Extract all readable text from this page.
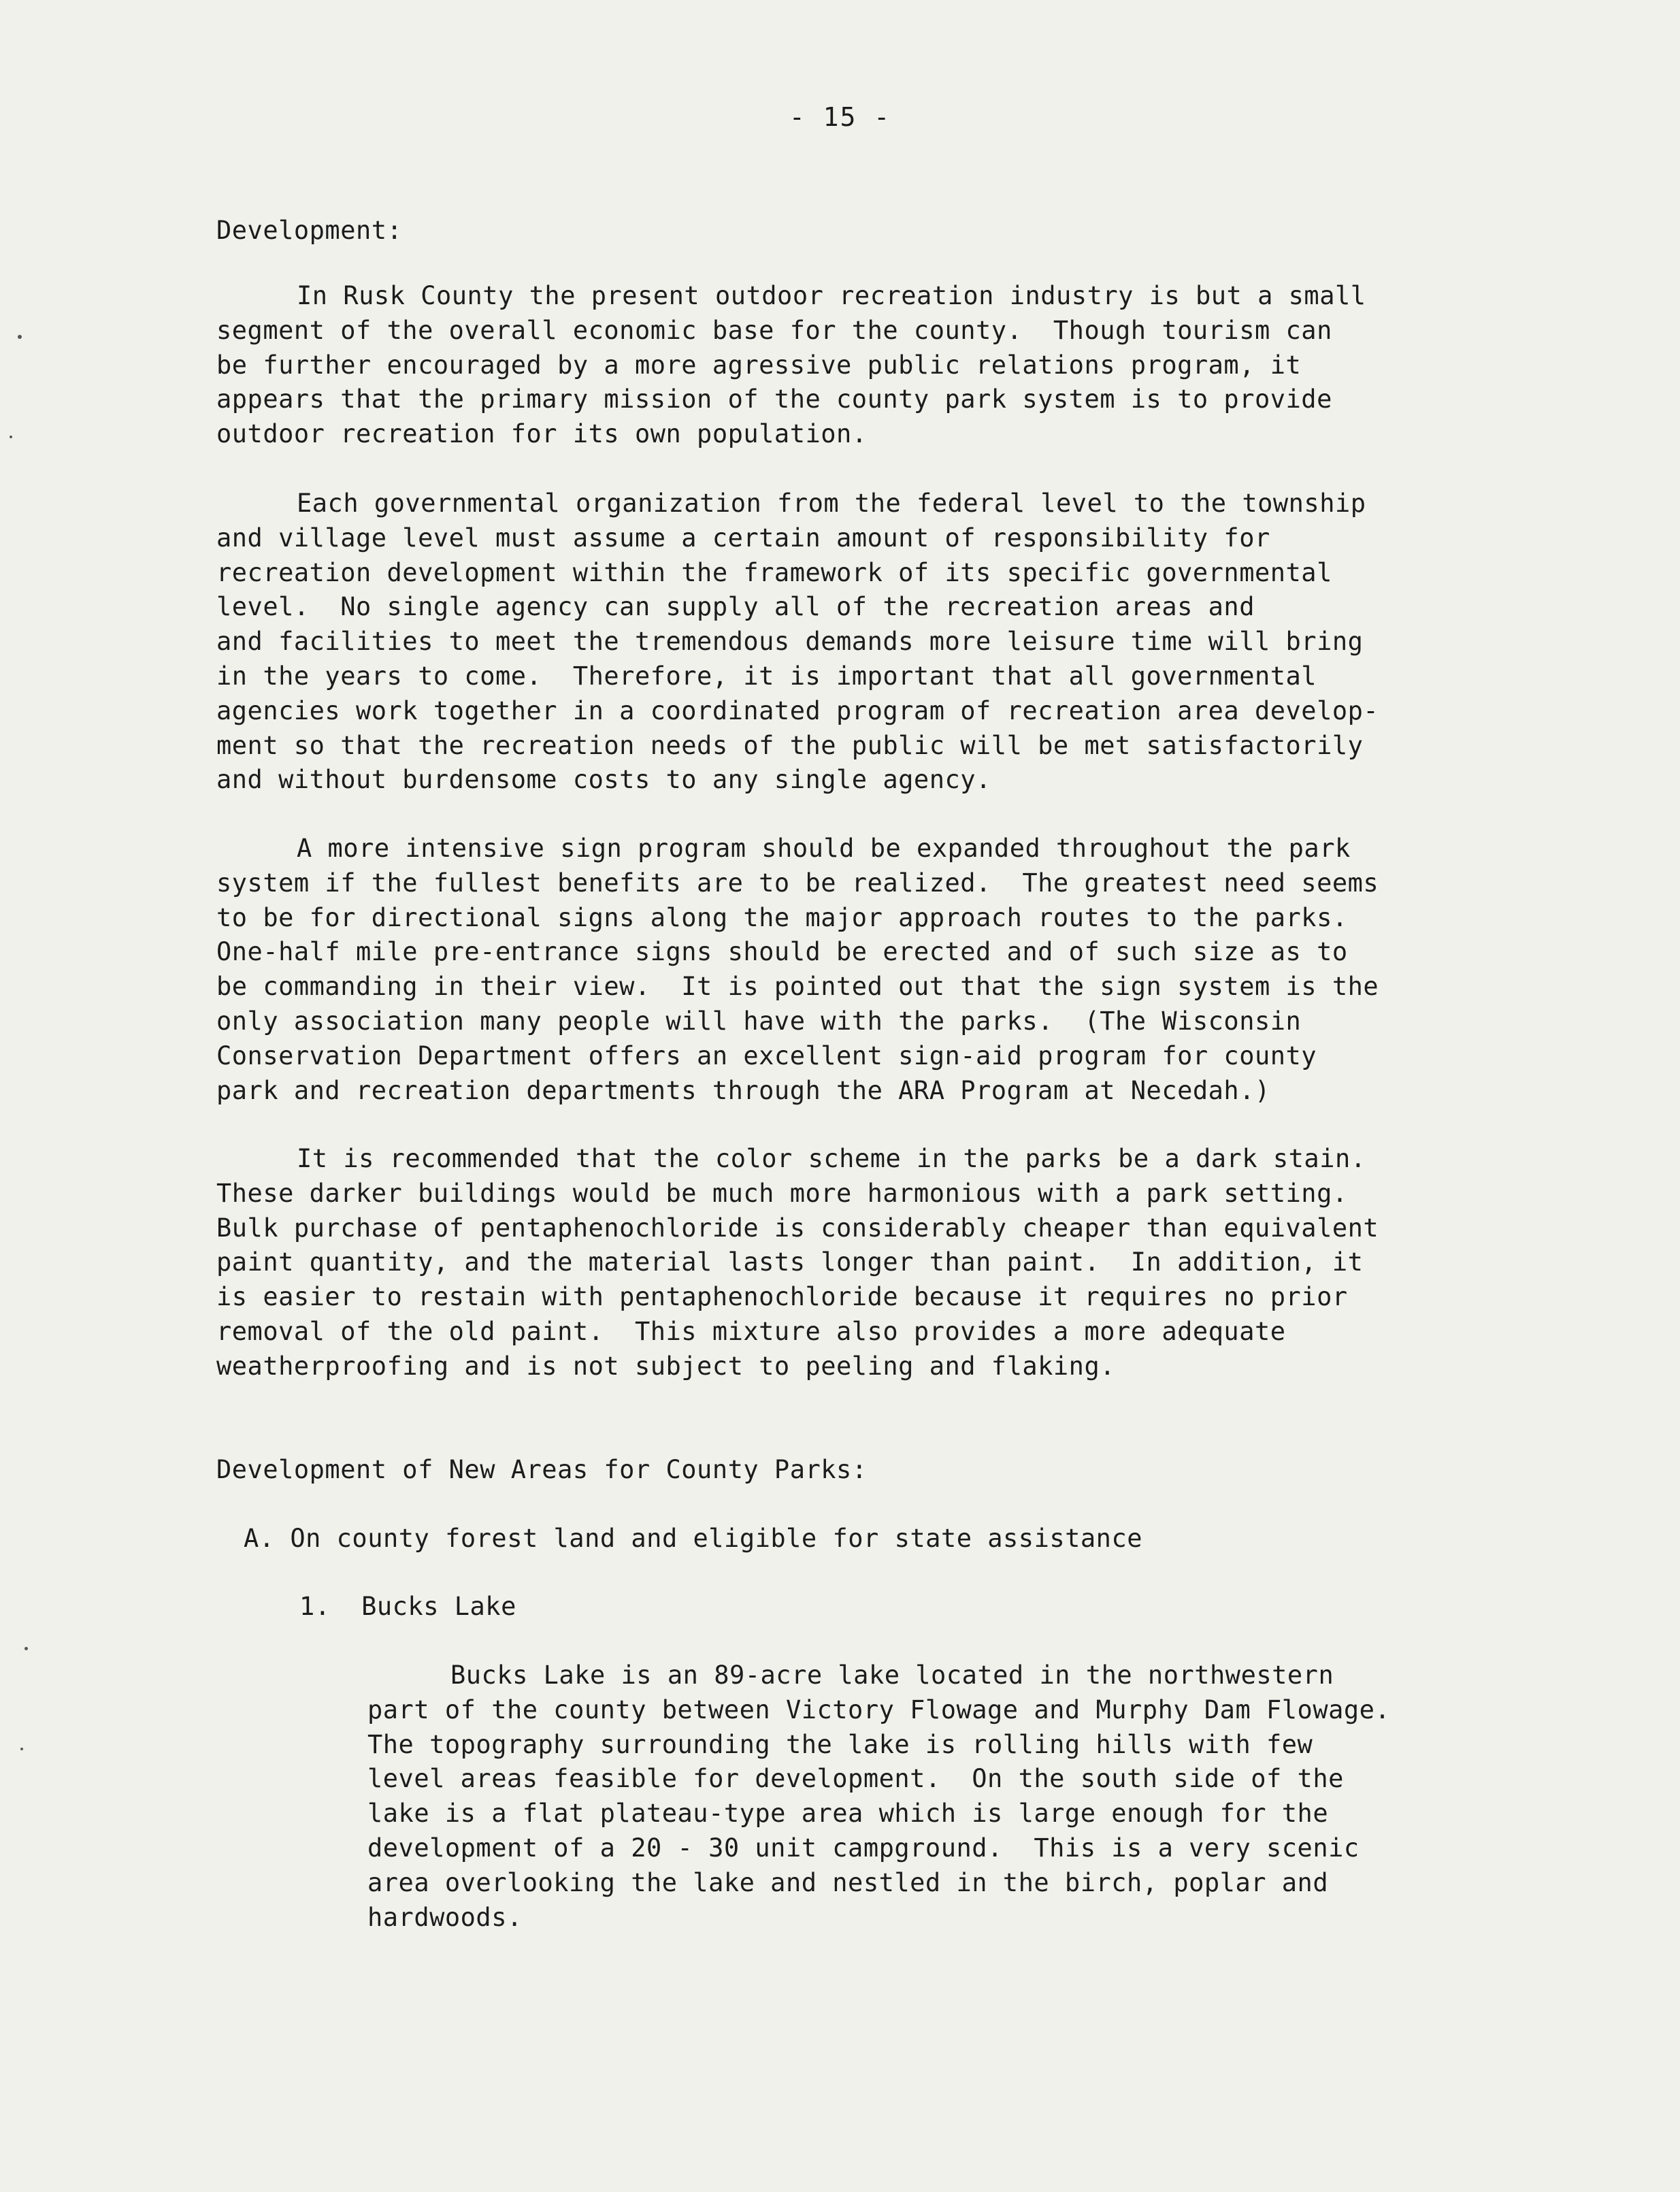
- 15 -
Development:
In Rusk County the present outdoor recreation industry is but a small
segment of the overall economic base for the county.  Though tourism can
be further encouraged by a more agressive public relations program, it
appears that the primary mission of the county park system is to provide
outdoor recreation for its own population.
Each governmental organization from the federal level to the township
and village level must assume a certain amount of responsibility for
recreation development within the framework of its specific governmental
level.  No single agency can supply all of the recreation areas and
and facilities to meet the tremendous demands more leisure time will bring
in the years to come.  Therefore, it is important that all governmental
agencies work together in a coordinated program of recreation area develop-
ment so that the recreation needs of the public will be met satisfactorily
and without burdensome costs to any single agency.
A more intensive sign program should be expanded throughout the park
system if the fullest benefits are to be realized.  The greatest need seems
to be for directional signs along the major approach routes to the parks.
One-half mile pre-entrance signs should be erected and of such size as to
be commanding in their view.  It is pointed out that the sign system is the
only association many people will have with the parks.  (The Wisconsin
Conservation Department offers an excellent sign-aid program for county
park and recreation departments through the ARA Program at Necedah.)
It is recommended that the color scheme in the parks be a dark stain.
These darker buildings would be much more harmonious with a park setting.
Bulk purchase of pentaphenochloride is considerably cheaper than equivalent
paint quantity, and the material lasts longer than paint.  In addition, it
is easier to restain with pentaphenochloride because it requires no prior
removal of the old paint.  This mixture also provides a more adequate
weatherproofing and is not subject to peeling and flaking.
Development of New Areas for County Parks:
A. On county forest land and eligible for state assistance
1.  Bucks Lake
Bucks Lake is an 89-acre lake located in the northwestern
part of the county between Victory Flowage and Murphy Dam Flowage.
The topography surrounding the lake is rolling hills with few
level areas feasible for development.  On the south side of the
lake is a flat plateau-type area which is large enough for the
development of a 20 - 30 unit campground.  This is a very scenic
area overlooking the lake and nestled in the birch, poplar and
hardwoods.
